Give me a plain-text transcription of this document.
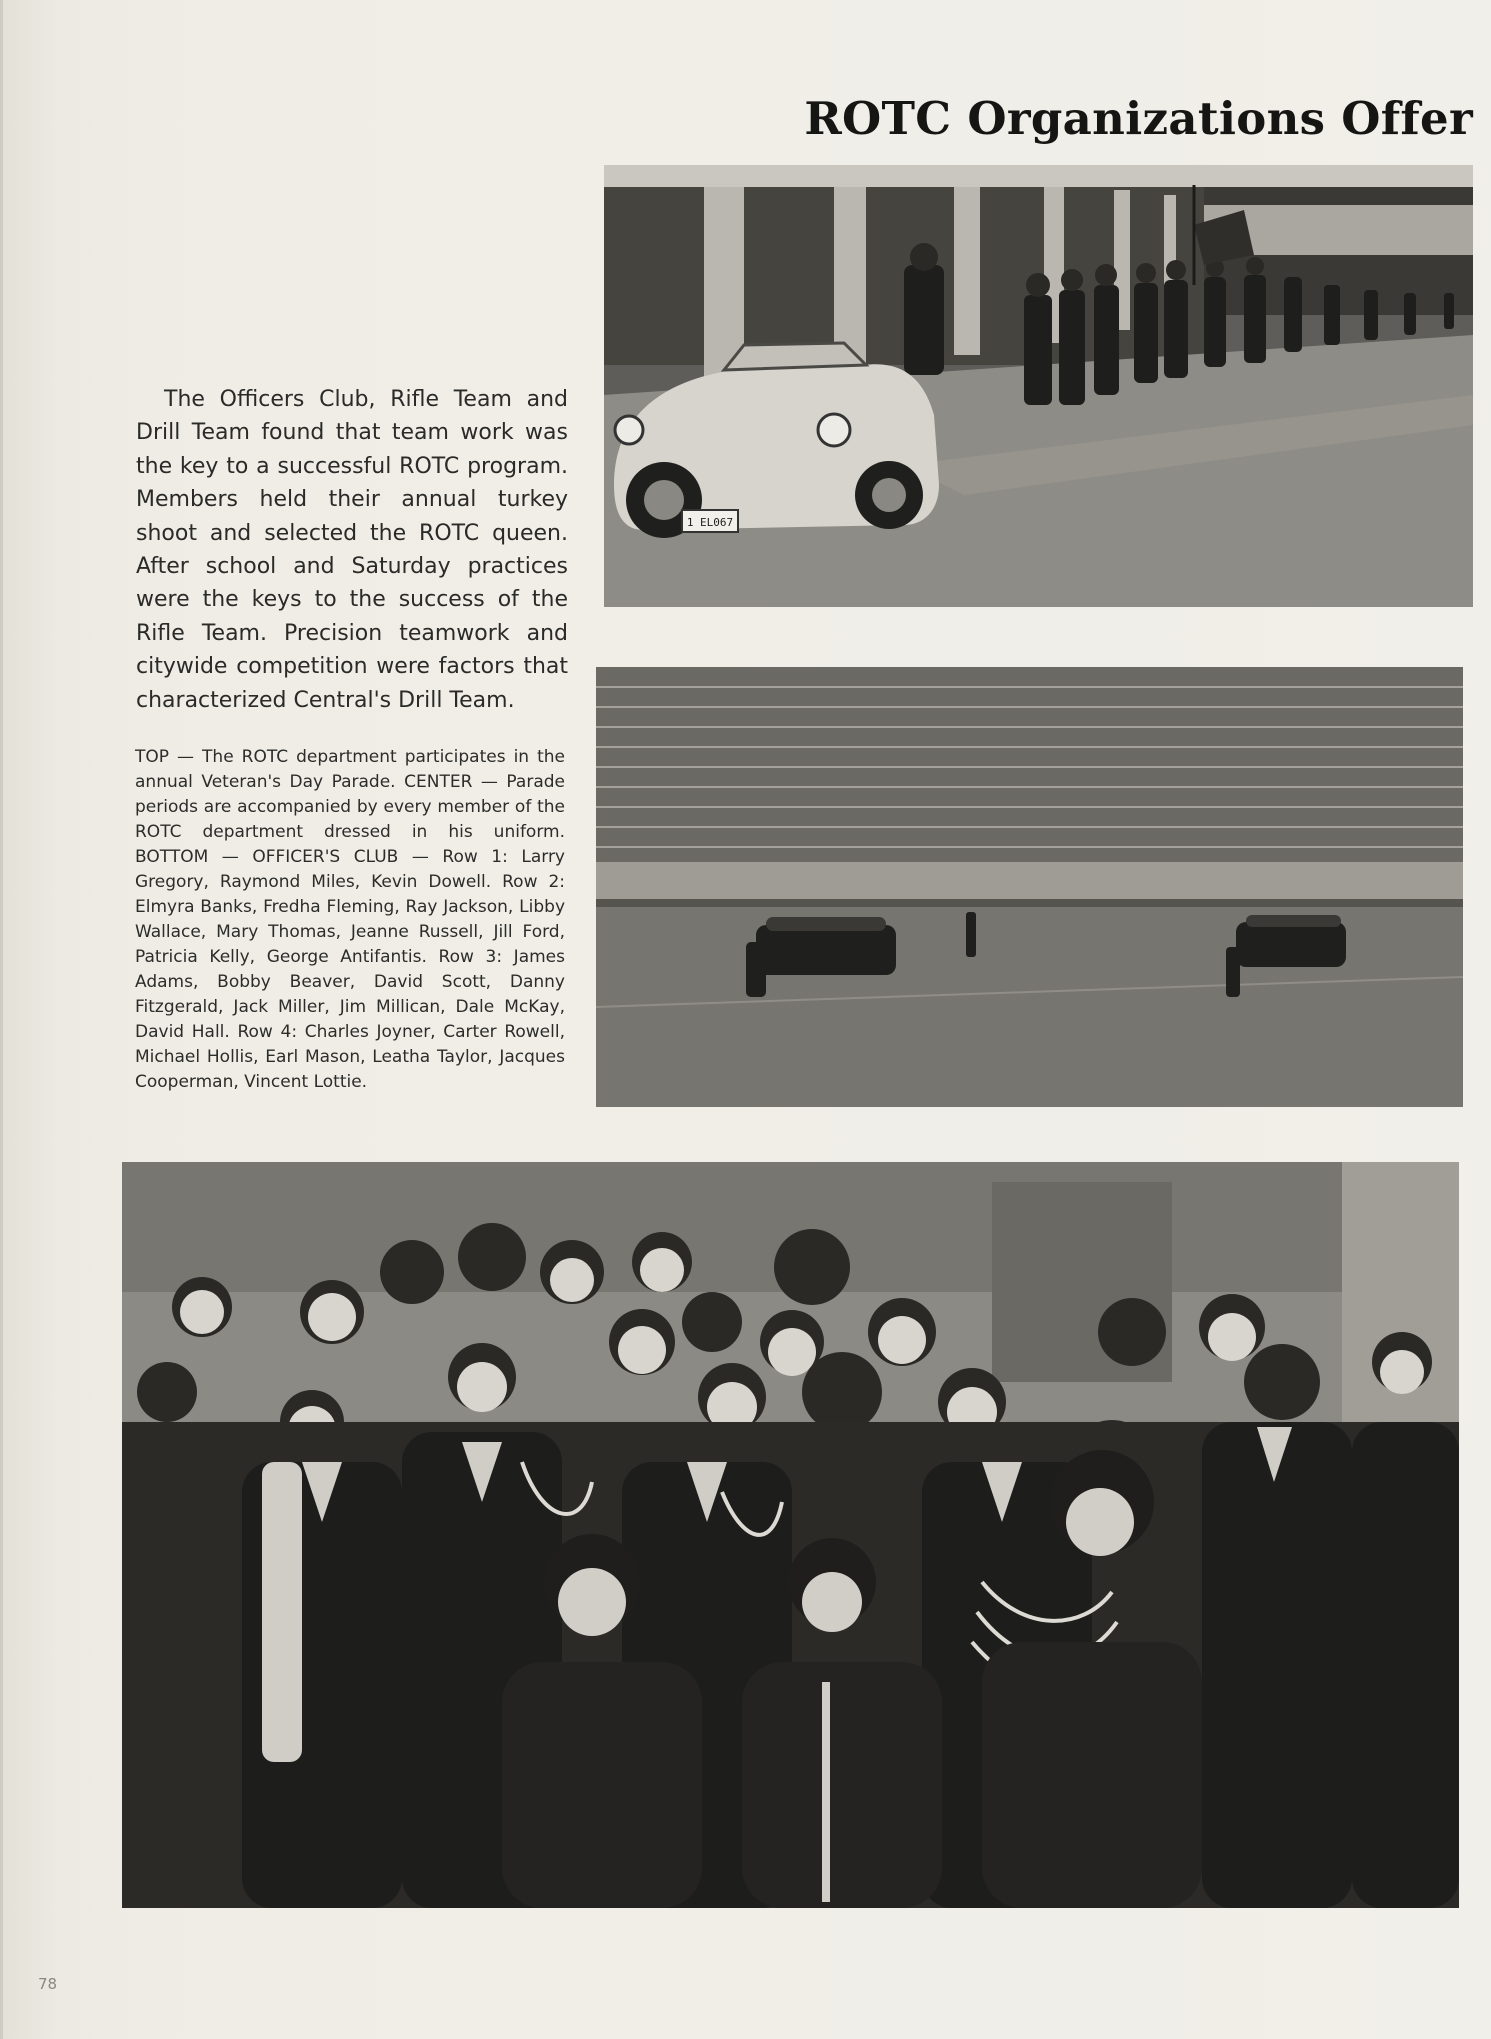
ROTC Organizations Offer

The Officers Club, Rifle Team and Drill Team found that team work was the key to a successful ROTC program. Members held their annual turkey shoot and selected the ROTC queen. After school and Saturday practices were the keys to the success of the Rifle Team. Precision teamwork and citywide competition were factors that characterized Central's Drill Team.

TOP — The ROTC department participates in the annual Veteran's Day Parade. CENTER — Parade periods are accompanied by every member of the ROTC department dressed in his uniform. BOTTOM — OFFICER'S CLUB — Row 1: Larry Gregory, Raymond Miles, Kevin Dowell. Row 2: Elmyra Banks, Fredha Fleming, Ray Jackson, Libby Wallace, Mary Thomas, Jeanne Russell, Jill Ford, Patricia Kelly, George Antifantis. Row 3: James Adams, Bobby Beaver, David Scott, Danny Fitzgerald, Jack Miller, Jim Millican, Dale McKay, David Hall. Row 4: Charles Joyner, Carter Rowell, Michael Hollis, Earl Mason, Leatha Taylor, Jacques Cooperman, Vincent Lottie.

1 EL067
78
